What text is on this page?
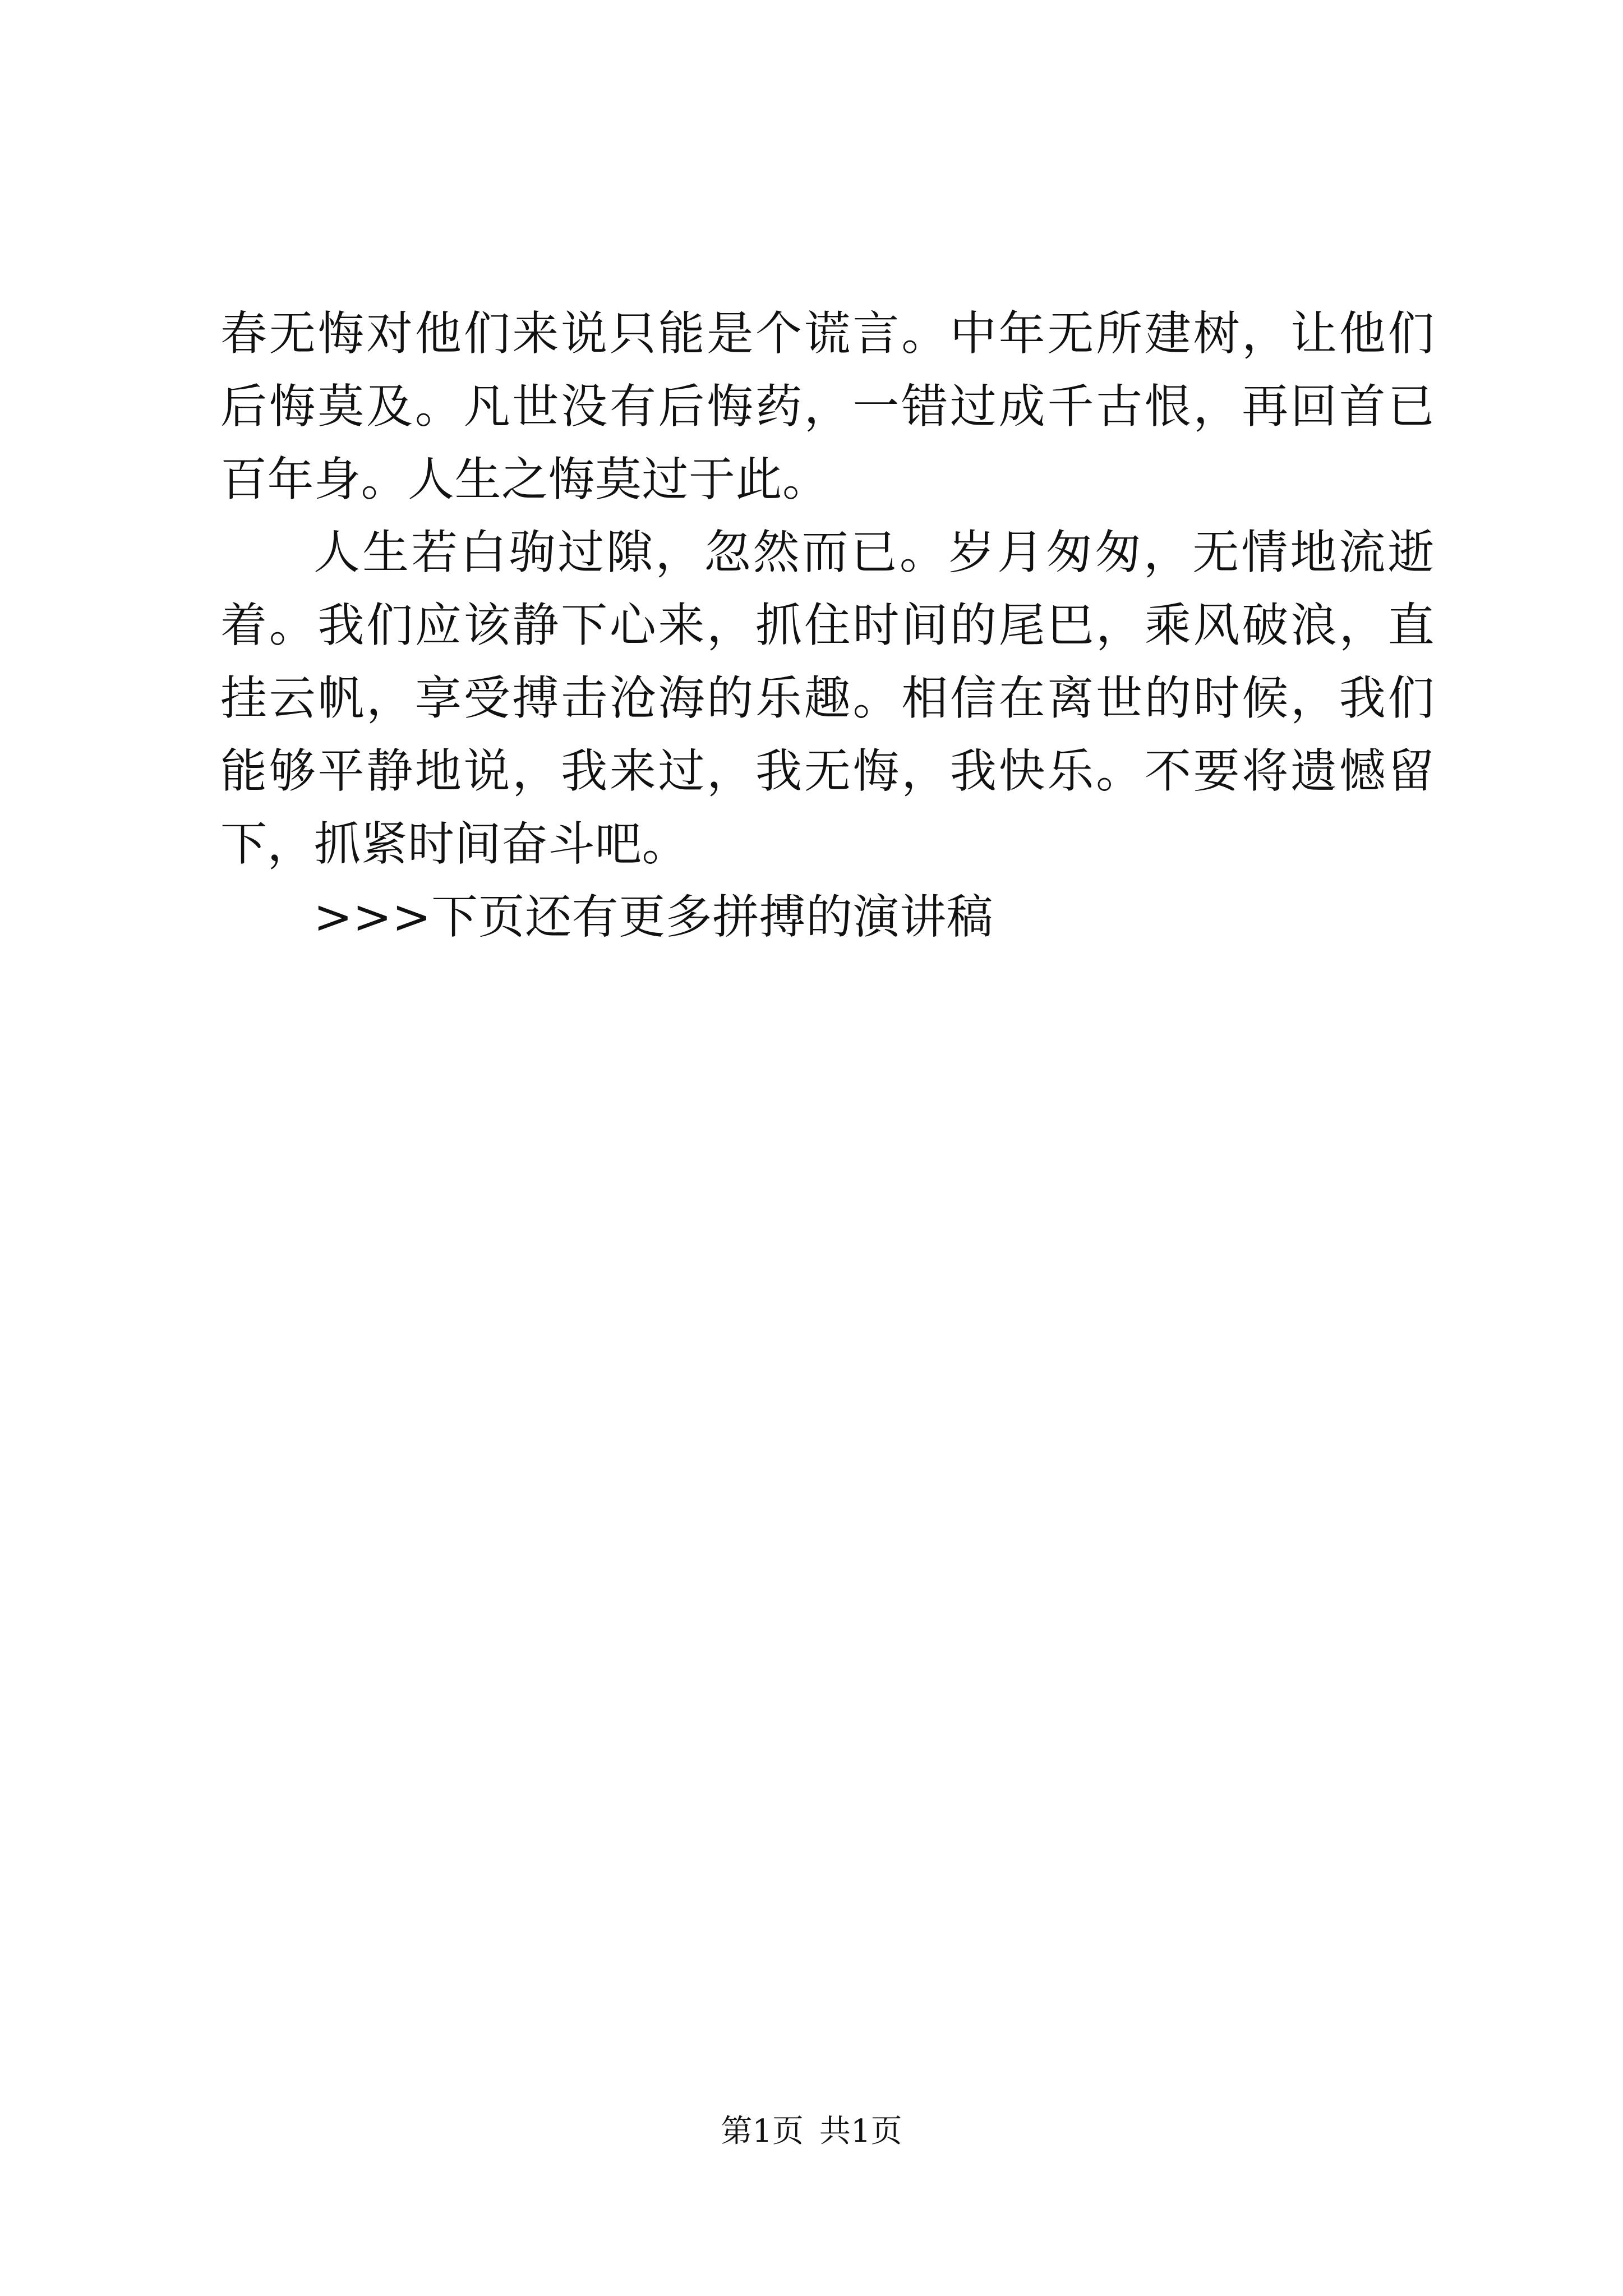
春无悔对他们来说只能是个谎言。中年无所建树，让他们后悔莫及。凡世没有后悔药，一错过成千古恨，再回首已百年身。人生之悔莫过于此。

人生若白驹过隙，忽然而已。岁月匆匆，无情地流逝着。我们应该静下心来，抓住时间的尾巴，乘风破浪，直挂云帆，享受搏击沧海的乐趣。相信在离世的时候，我们能够平静地说，我来过，我无悔，我快乐。不要将遗憾留下，抓紧时间奋斗吧。

>>>下页还有更多拼搏的演讲稿

第1页 共1页
